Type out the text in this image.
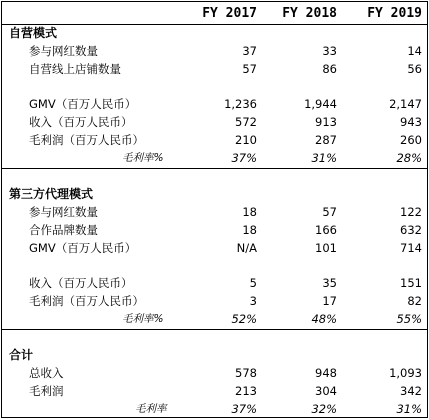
FY 2017	FY 2018	FY 2019
自营模式
参与网红数量	37	33	14
自营线上店铺数量	57	86	56
GMV（百万人民币）	1,236	1,944	2,147
收入（百万人民币）	572	913	943
毛利润（百万人民币）	210	287	260
毛利率%	37%	31%	28%
第三方代理模式
参与网红数量	18	57	122
合作品牌数量	18	166	632
GMV（百万人民币）	N/A	101	714
收入（百万人民币）	5	35	151
毛利润（百万人民币）	3	17	82
毛利率%	52%	48%	55%
合计
总收入	578	948	1,093
毛利润	213	304	342
毛利率	37%	32%	31%
